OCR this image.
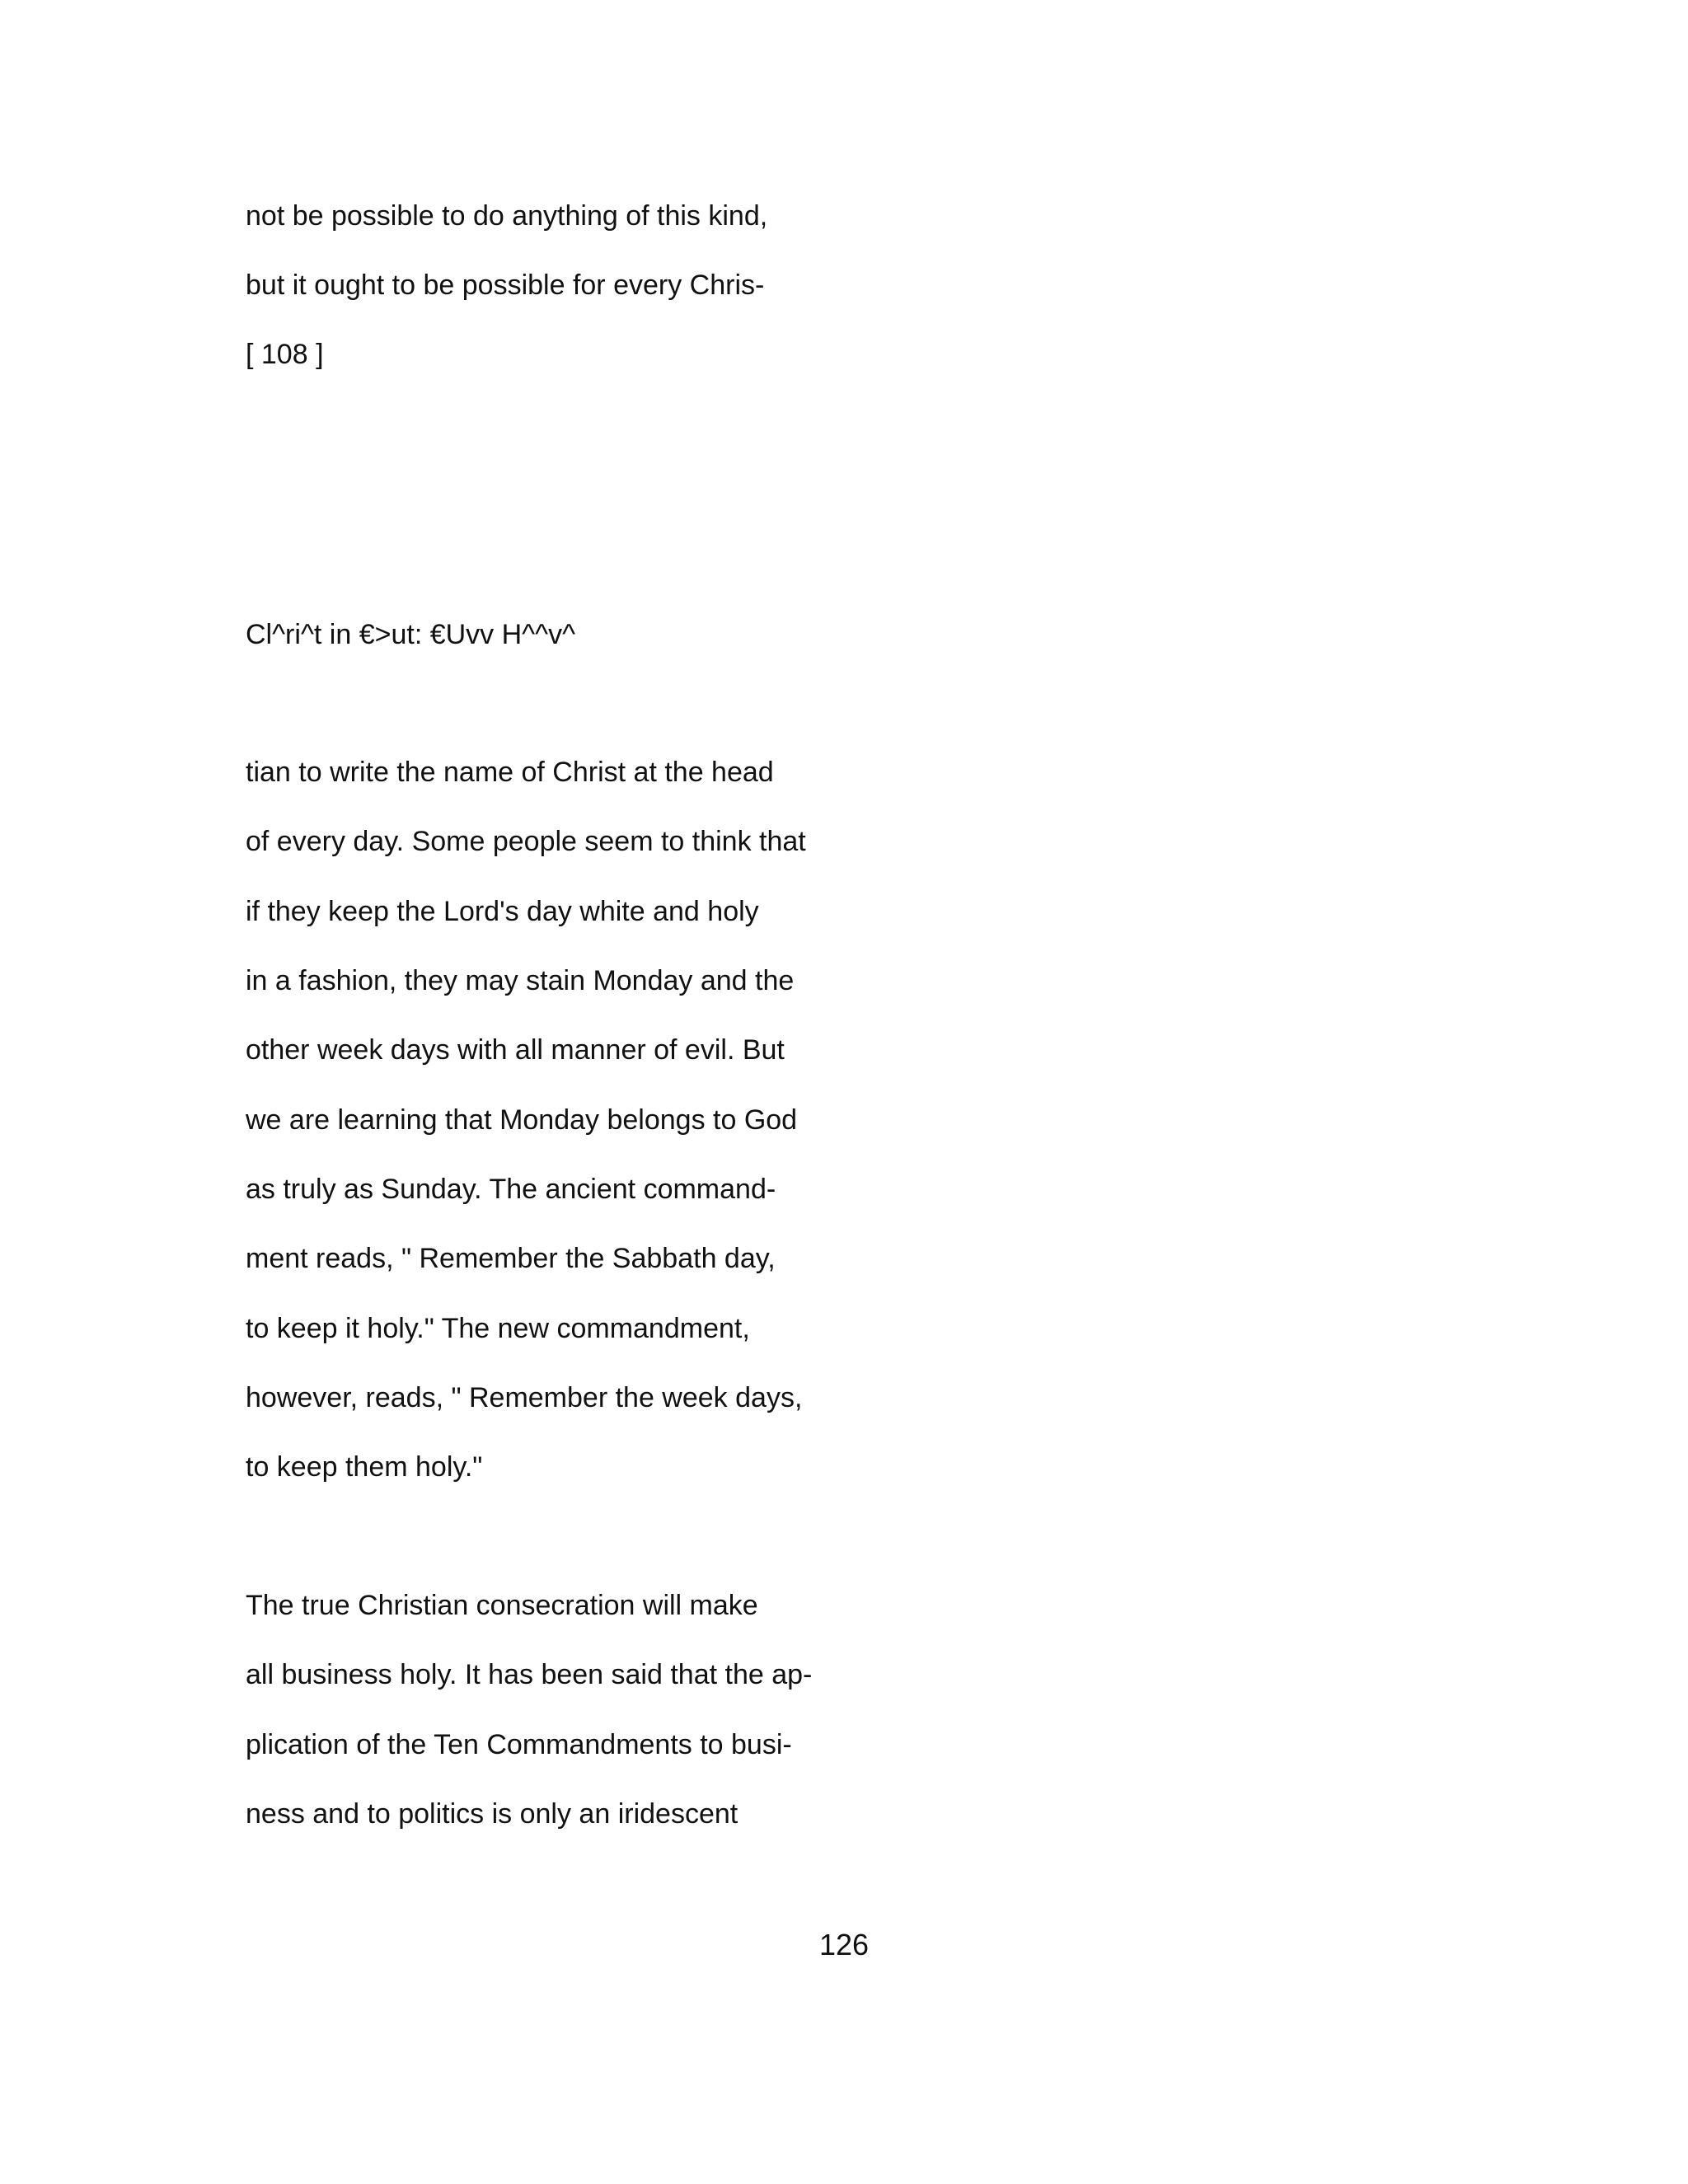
not be possible to do anything of this kind,
but it ought to be possible for every Chris-
[ 108 ]
Cl^ri^t in €>ut: €Uvv H^^v^
tian to write the name of Christ at the head
of every day. Some people seem to think that
if they keep the Lord's day white and holy
in a fashion, they may stain Monday and the
other week days with all manner of evil. But
we are learning that Monday belongs to God
as truly as Sunday. The ancient command-
ment reads, " Remember the Sabbath day,
to keep it holy." The new commandment,
however, reads, " Remember the week days,
to keep them holy."
The true Christian consecration will make
all business holy. It has been said that the ap-
plication of the Ten Commandments to busi-
ness and to politics is only an iridescent
126
